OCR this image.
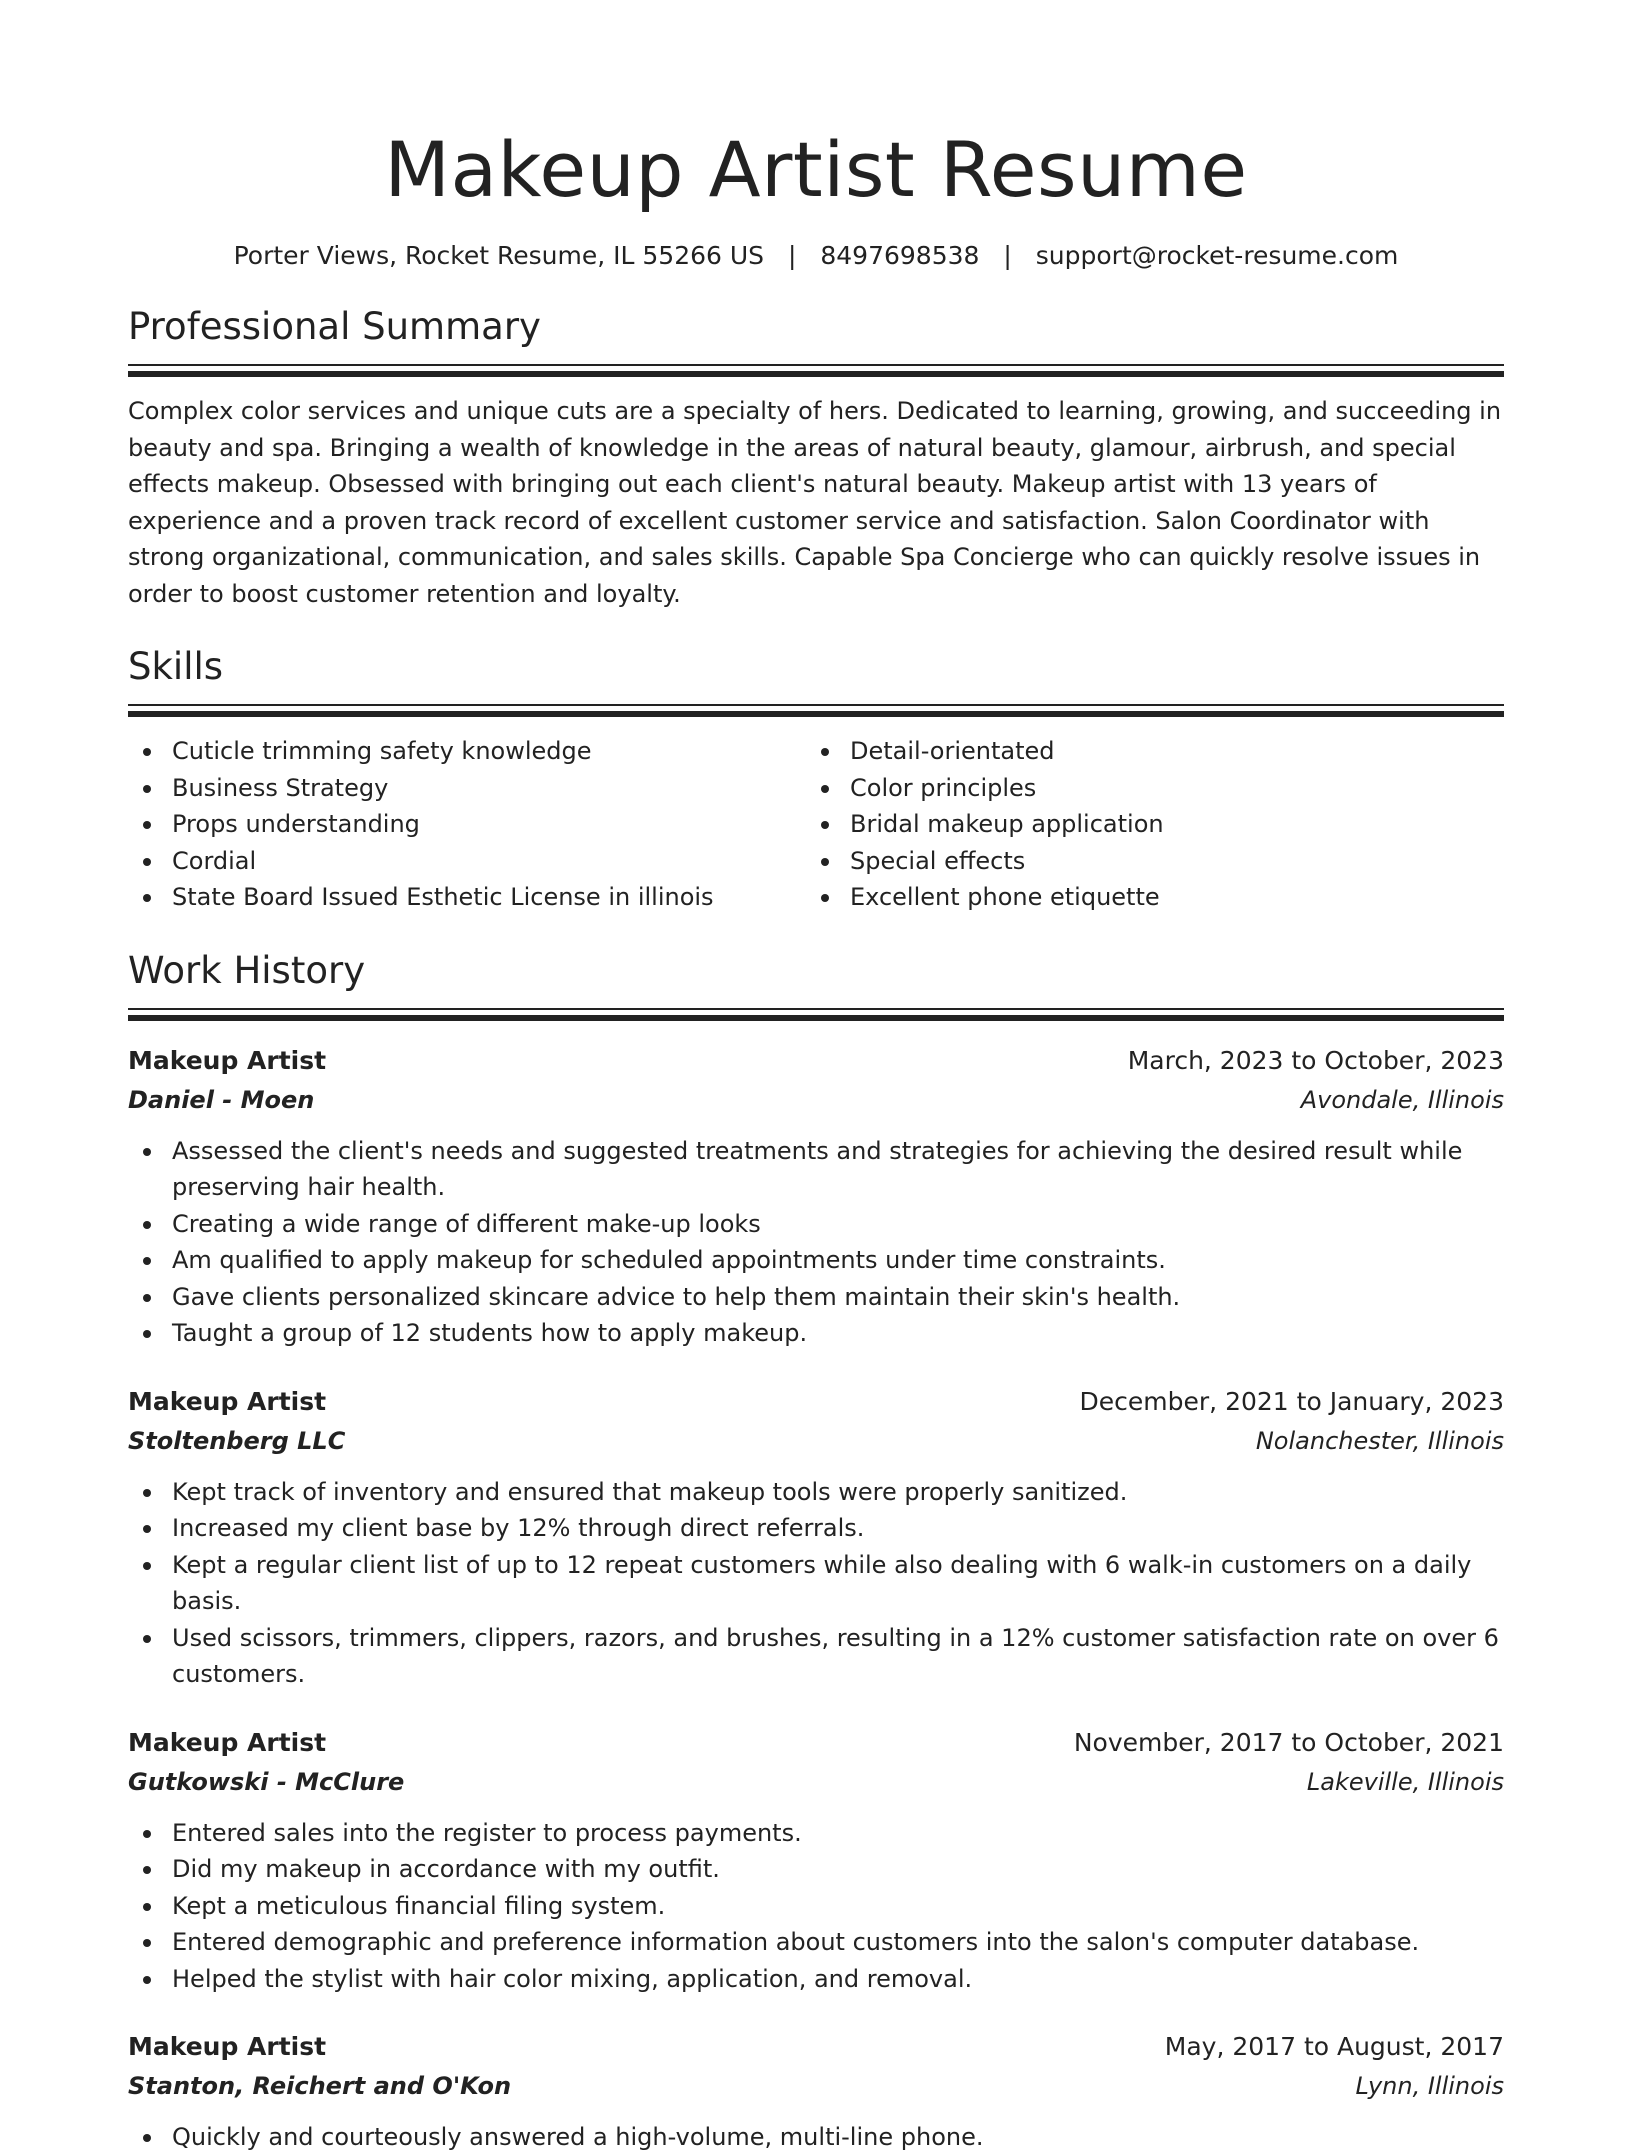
Makeup Artist Resume
Porter Views, Rocket Resume, IL 55266 US | 8497698538 | support@rocket-resume.com
Professional Summary

Complex color services and unique cuts are a specialty of hers. Dedicated to learning, growing, and succeeding in beauty and spa. Bringing a wealth of knowledge in the areas of natural beauty, glamour, airbrush, and special effects makeup. Obsessed with bringing out each client's natural beauty. Makeup artist with 13 years of experience and a proven track record of excellent customer service and satisfaction. Salon Coordinator with strong organizational, communication, and sales skills. Capable Spa Concierge who can quickly resolve issues in order to boost customer retention and loyalty.

Skills
Cuticle trimming safety knowledge
Business Strategy
Props understanding
Cordial
State Board Issued Esthetic License in illinois
Detail-orientated
Color principles
Bridal makeup application
Special effects
Excellent phone etiquette
Work History
Makeup Artist	March, 2023 to October, 2023
Daniel - Moen	Avondale, Illinois
Assessed the client's needs and suggested treatments and strategies for achieving the desired result while preserving hair health.
Creating a wide range of different make-up looks
Am qualified to apply makeup for scheduled appointments under time constraints.
Gave clients personalized skincare advice to help them maintain their skin's health.
Taught a group of 12 students how to apply makeup.
Makeup Artist	December, 2021 to January, 2023
Stoltenberg LLC	Nolanchester, Illinois
Kept track of inventory and ensured that makeup tools were properly sanitized.
Increased my client base by 12% through direct referrals.
Kept a regular client list of up to 12 repeat customers while also dealing with 6 walk-in customers on a daily basis.
Used scissors, trimmers, clippers, razors, and brushes, resulting in a 12% customer satisfaction rate on over 6 customers.
Makeup Artist	November, 2017 to October, 2021
Gutkowski - McClure	Lakeville, Illinois
Entered sales into the register to process payments.
Did my makeup in accordance with my outfit.
Kept a meticulous financial filing system.
Entered demographic and preference information about customers into the salon's computer database.
Helped the stylist with hair color mixing, application, and removal.
Makeup Artist	May, 2017 to August, 2017
Stanton, Reichert and O'Kon	Lynn, Illinois
Quickly and courteously answered a high-volume, multi-line phone.
